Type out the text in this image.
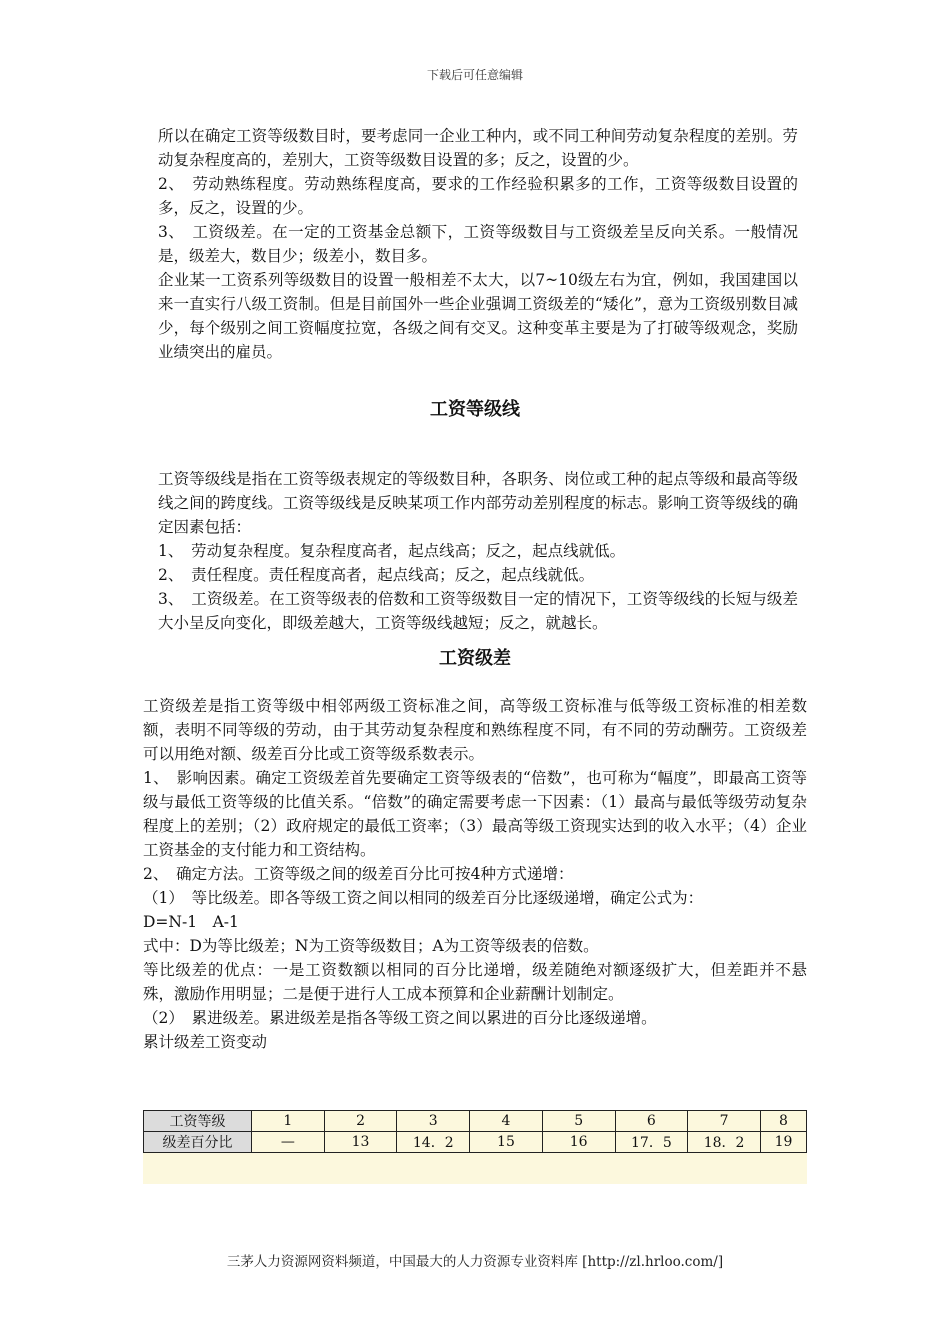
下载后可任意编辑

所以在确定工资等级数目时，要考虑同一企业工种内，或不同工种间劳动复杂程度的差别。劳动复杂程度高的，差别大，工资等级数目设置的多；反之，设置的少。

2、　劳动熟练程度。劳动熟练程度高，要求的工作经验积累多的工作，工资等级数目设置的多，反之，设置的少。

3、　工资级差。在一定的工资基金总额下，工资等级数目与工资级差呈反向关系。一般情况是，级差大，数目少；级差小，数目多。

企业某一工资系列等级数目的设置一般相差不太大，以7~10级左右为宜，例如，我国建国以来一直实行八级工资制。但是目前国外一些企业强调工资级差的“矮化”，意为工资级别数目减少，每个级别之间工资幅度拉宽，各级之间有交叉。这种变革主要是为了打破等级观念，奖励业绩突出的雇员。

工资等级线

工资等级线是指在工资等级表规定的等级数目种，各职务、岗位或工种的起点等级和最高等级线之间的跨度线。工资等级线是反映某项工作内部劳动差别程度的标志。影响工资等级线的确定因素包括：

1、　劳动复杂程度。复杂程度高者，起点线高；反之，起点线就低。

2、　责任程度。责任程度高者，起点线高；反之，起点线就低。

3、　工资级差。在工资等级表的倍数和工资等级数目一定的情况下，工资等级线的长短与级差大小呈反向变化，即级差越大，工资等级线越短；反之，就越长。

工资级差

工资级差是指工资等级中相邻两级工资标准之间，高等级工资标准与低等级工资标准的相差数额，表明不同等级的劳动，由于其劳动复杂程度和熟练程度不同，有不同的劳动酬劳。工资级差可以用绝对额、级差百分比或工资等级系数表示。

1、　影响因素。确定工资级差首先要确定工资等级表的“倍数”，也可称为“幅度”，即最高工资等级与最低工资等级的比值关系。“倍数”的确定需要考虑一下因素：（1）最高与最低等级劳动复杂程度上的差别；（2）政府规定的最低工资率；（3）最高等级工资现实达到的收入水平；（4）企业工资基金的支付能力和工资结构。

2、　确定方法。工资等级之间的级差百分比可按4种方式递增：

（1）　等比级差。即各等级工资之间以相同的级差百分比逐级递增，确定公式为：

D=N-1　A-1

式中：D为等比级差；N为工资等级数目；A为工资等级表的倍数。

等比级差的优点：一是工资数额以相同的百分比递增，级差随绝对额逐级扩大，但差距并不悬殊，激励作用明显；二是便于进行人工成本预算和企业薪酬计划制定。

（2）　累进级差。累进级差是指各等级工资之间以累进的百分比逐级递增。

累计级差工资变动

工资等级	1	2	3	4	5	6	7	8
级差百分比	—	13	14．2	15	16	17．5	18．2	19
三茅人力资源网资料频道，中国最大的人力资源专业资料库 [http://zl.hrloo.com/]
